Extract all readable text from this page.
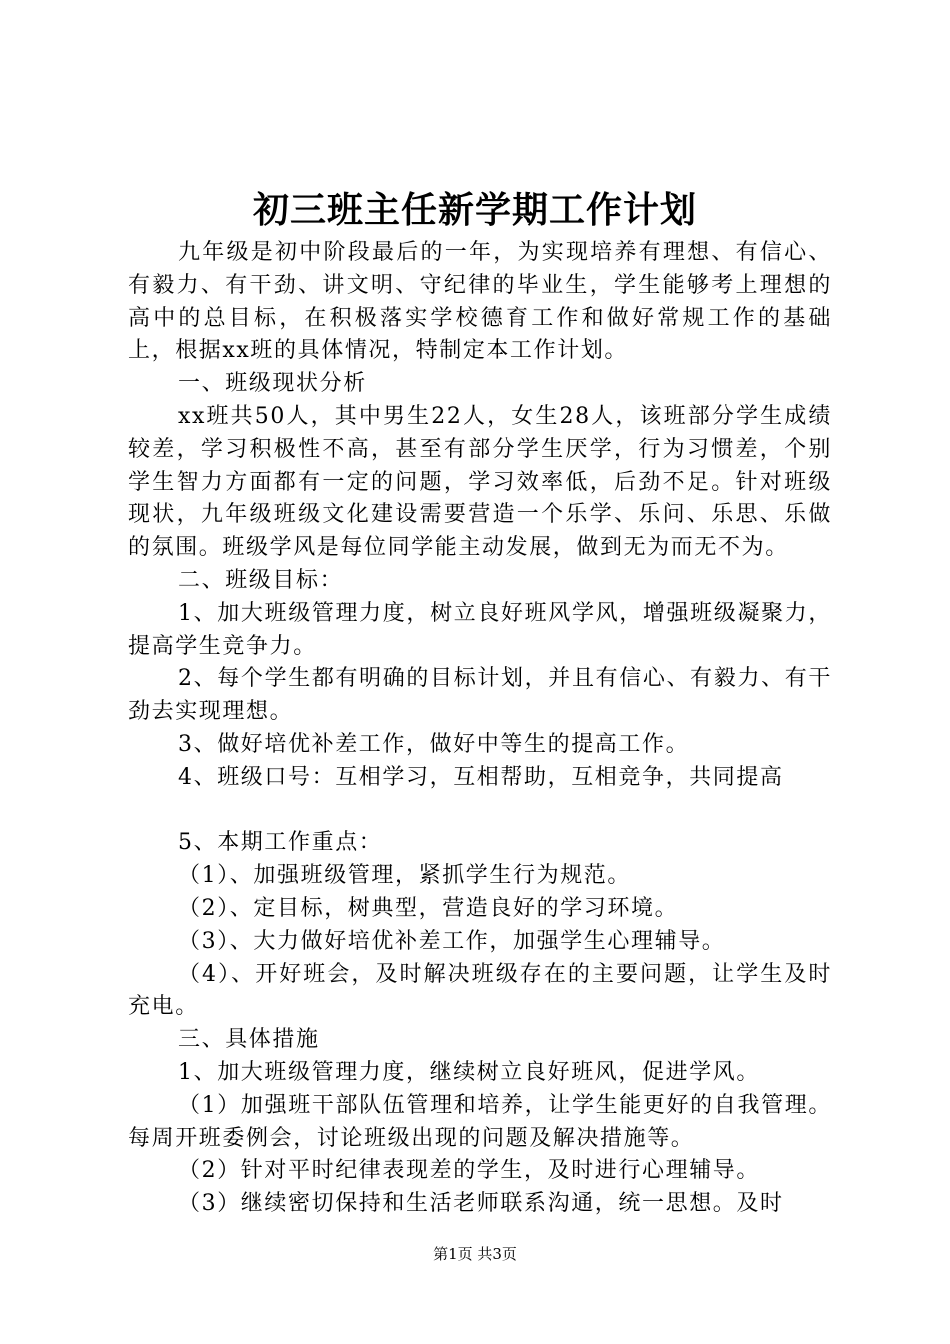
初三班主任新学期工作计划

九年级是初中阶段最后的一年，为实现培养有理想、有信心、有毅力、有干劲、讲文明、守纪律的毕业生，学生能够考上理想的高中的总目标，在积极落实学校德育工作和做好常规工作的基础上，根据xx班的具体情况，特制定本工作计划。

一、班级现状分析

xx班共50人，其中男生22人，女生28人，该班部分学生成绩较差，学习积极性不高，甚至有部分学生厌学，行为习惯差，个别学生智力方面都有一定的问题，学习效率低，后劲不足。针对班级现状，九年级班级文化建设需要营造一个乐学、乐问、乐思、乐做的氛围。班级学风是每位同学能主动发展，做到无为而无不为。

二、班级目标：

1、加大班级管理力度，树立良好班风学风，增强班级凝聚力，提高学生竞争力。

2、每个学生都有明确的目标计划，并且有信心、有毅力、有干劲去实现理想。

3、做好培优补差工作，做好中等生的提高工作。

4、班级口号：互相学习，互相帮助，互相竞争，共同提高

5、本期工作重点：

（1）、加强班级管理，紧抓学生行为规范。

（2）、定目标，树典型，营造良好的学习环境。

（3）、大力做好培优补差工作，加强学生心理辅导。

（4）、开好班会，及时解决班级存在的主要问题，让学生及时充电。

三、具体措施

1、加大班级管理力度，继续树立良好班风，促进学风。

（1）加强班干部队伍管理和培养，让学生能更好的自我管理。每周开班委例会，讨论班级出现的问题及解决措施等。

（2）针对平时纪律表现差的学生，及时进行心理辅导。

（3）继续密切保持和生活老师联系沟通，统一思想。及时

第1页 共3页
